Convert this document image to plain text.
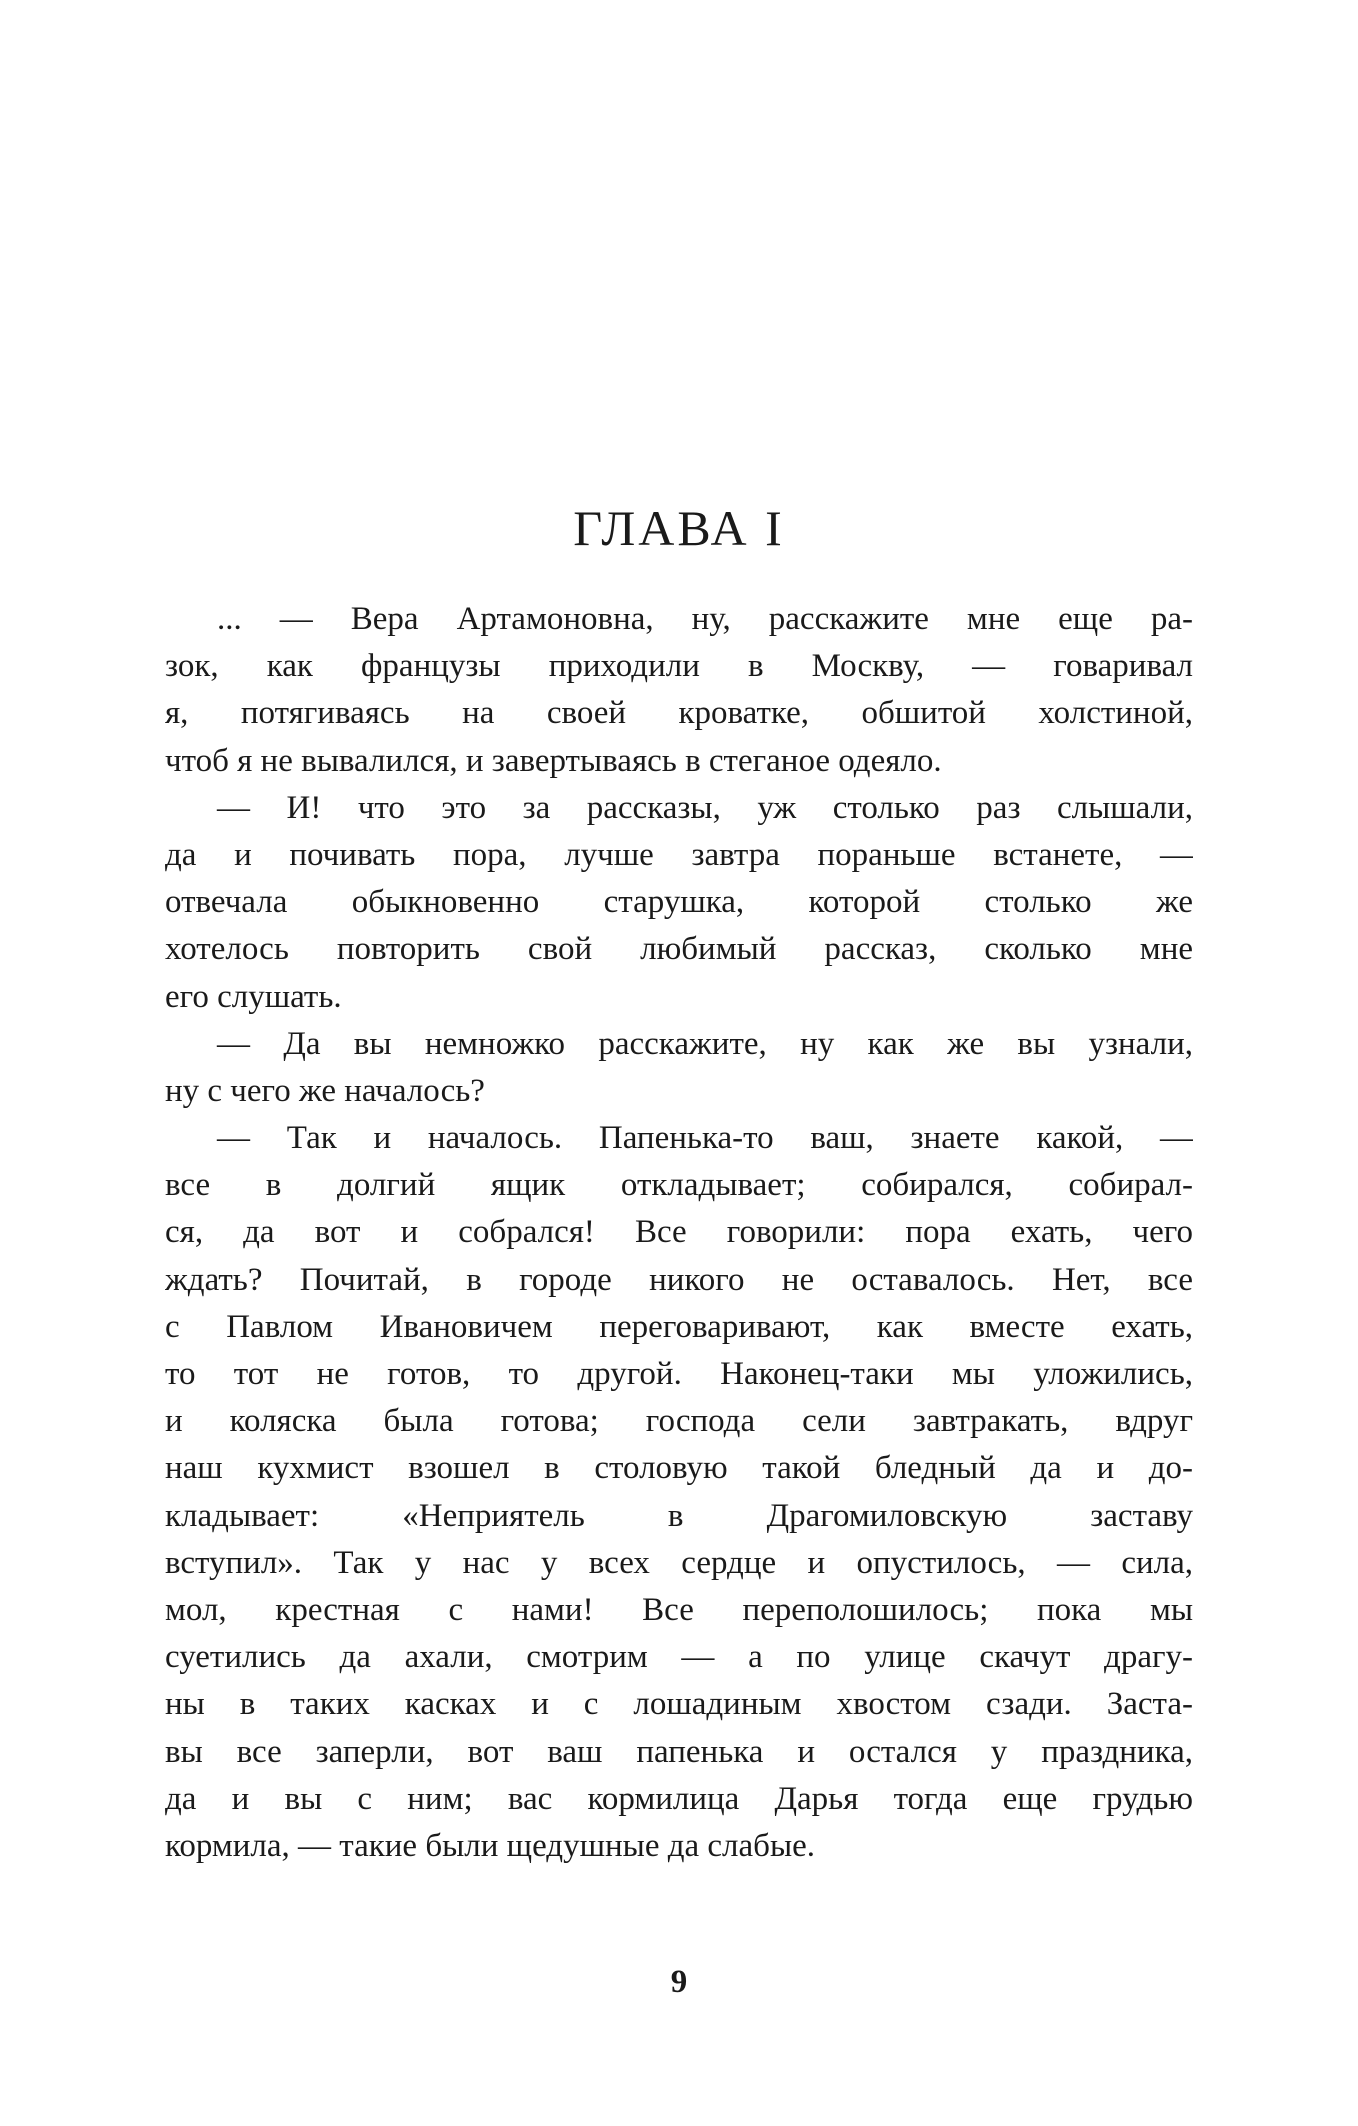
ГЛАВА I
... — Вера Артамоновна, ну, расскажите мне еще ра-
зок, как французы приходили в Москву, — говаривал
я, потягиваясь на своей кроватке, обшитой холстиной,
чтоб я не вывалился, и завертываясь в стеганое одеяло.
— И! что это за рассказы, уж столько раз слышали,
да и почивать пора, лучше завтра пораньше встанете, —
отвечала обыкновенно старушка, которой столько же
хотелось повторить свой любимый рассказ, сколько мне
его слушать.
— Да вы немножко расскажите, ну как же вы узнали,
ну с чего же началось?
— Так и началось. Папенька-то ваш, знаете какой, —
все в долгий ящик откладывает; собирался, собирал-
ся, да вот и собрался! Все говорили: пора ехать, чего
ждать? Почитай, в городе никого не оставалось. Нет, все
с Павлом Ивановичем переговаривают, как вместе ехать,
то тот не готов, то другой. Наконец-таки мы уложились,
и коляска была готова; господа сели завтракать, вдруг
наш кухмист взошел в столовую такой бледный да и до-
кладывает: «Неприятель в Драгомиловскую заставу
вступил». Так у нас у всех сердце и опустилось, — сила,
мол, крестная с нами! Все переполошилось; пока мы
суетились да ахали, смотрим — а по улице скачут драгу-
ны в таких касках и с лошадиным хвостом сзади. Заста-
вы все заперли, вот ваш папенька и остался у праздника,
да и вы с ним; вас кормилица Дарья тогда еще грудью
кормила, — такие были щедушные да слабые.
9
